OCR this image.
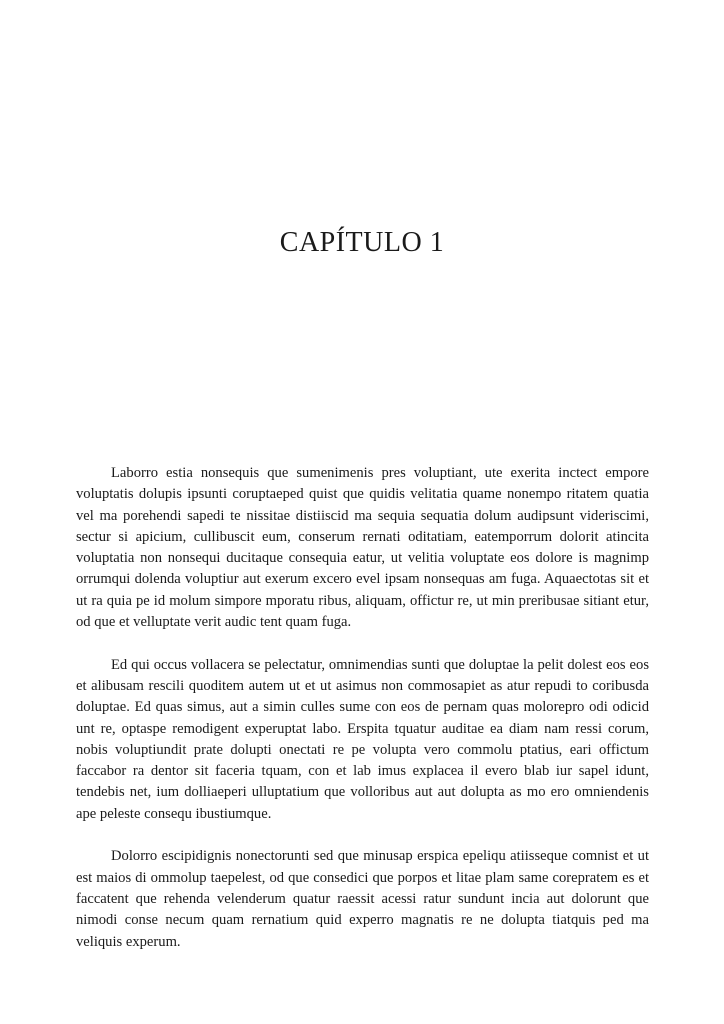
CAPÍTULO 1

Laborro estia nonsequis que sumenimenis pres voluptiant, ute exerita inctect empore voluptatis dolupis ipsunti coruptaeped quist que quidis velitatia quame nonempo ritatem quatia vel ma porehendi sapedi te nissitae distiiscid ma sequia sequatia dolum audipsunt videriscimi, sectur si apicium, cullibuscit eum, conserum rernati oditatiam, eatemporrum dolorit atincita voluptatia non nonsequi ducitaque consequia eatur, ut velitia voluptate eos dolore is magnimp orrumqui dolenda voluptiur aut exerum excero evel ipsam nonsequas am fuga. Aquaectotas sit et ut ra quia pe id molum simpore mporatu ribus, aliquam, offictur re, ut min preribusae sitiant etur, od que et velluptate verit audic tent quam fuga.

Ed qui occus vollacera se pelectatur, omnimendias sunti que doluptae la pelit dolest eos eos et alibusam rescili quoditem autem ut et ut asimus non commosapiet as atur repudi to coribusda doluptae. Ed quas simus, aut a simin culles sume con eos de pernam quas molorepro odi odicid unt re, optaspe remodigent experuptat labo. Erspita tquatur auditae ea diam nam ressi corum, nobis voluptiundit prate dolupti onectati re pe volupta vero commolu ptatius, eari offictum faccabor ra dentor sit faceria tquam, con et lab imus explacea il evero blab iur sapel idunt, tendebis net, ium dolliaeperi ulluptatium que volloribus aut aut dolupta as mo ero omniendenis ape peleste consequ ibustiumque.

Dolorro escipidignis nonectorunti sed que minusap erspica epeliqu atiisseque comnist et ut est maios di ommolup taepelest, od que consedici que porpos et litae plam same corepratem es et faccatent que rehenda velenderum quatur raessit acessi ratur sundunt incia aut dolorunt que nimodi conse necum quam rernatium quid experro magnatis re ne dolupta tiatquis ped ma veliquis experum.
